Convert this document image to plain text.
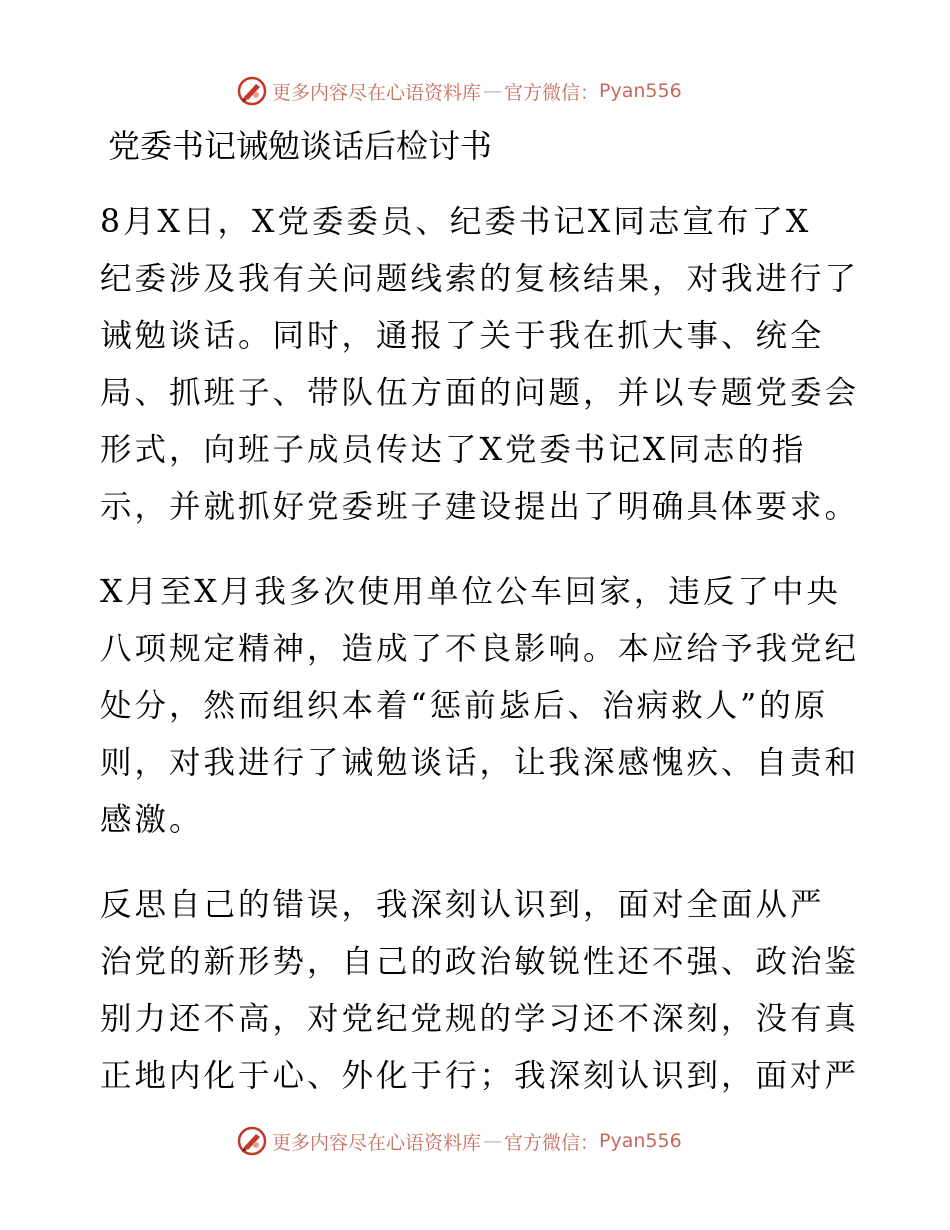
更多内容尽在心语资料库 — 官方微信： Pyan556
党委书记诫勉谈话后检讨书
8月X日，X党委委员、纪委书记X同志宣布了X
纪委涉及我有关问题线索的复核结果，对我进行了
诫勉谈话。同时，通报了关于我在抓大事、统全
局、抓班子、带队伍方面的问题，并以专题党委会
形式，向班子成员传达了X党委书记X同志的指
示，并就抓好党委班子建设提出了明确具体要求。
X月至X月我多次使用单位公车回家，违反了中央
八项规定精神，造成了不良影响。本应给予我党纪
处分，然而组织本着“惩前毖后、治病救人”的原
则，对我进行了诫勉谈话，让我深感愧疚、自责和
感激。
反思自己的错误，我深刻认识到，面对全面从严
治党的新形势，自己的政治敏锐性还不强、政治鉴
别力还不高，对党纪党规的学习还不深刻，没有真
正地内化于心、外化于行；我深刻认识到，面对严
更多内容尽在心语资料库 — 官方微信： Pyan556
